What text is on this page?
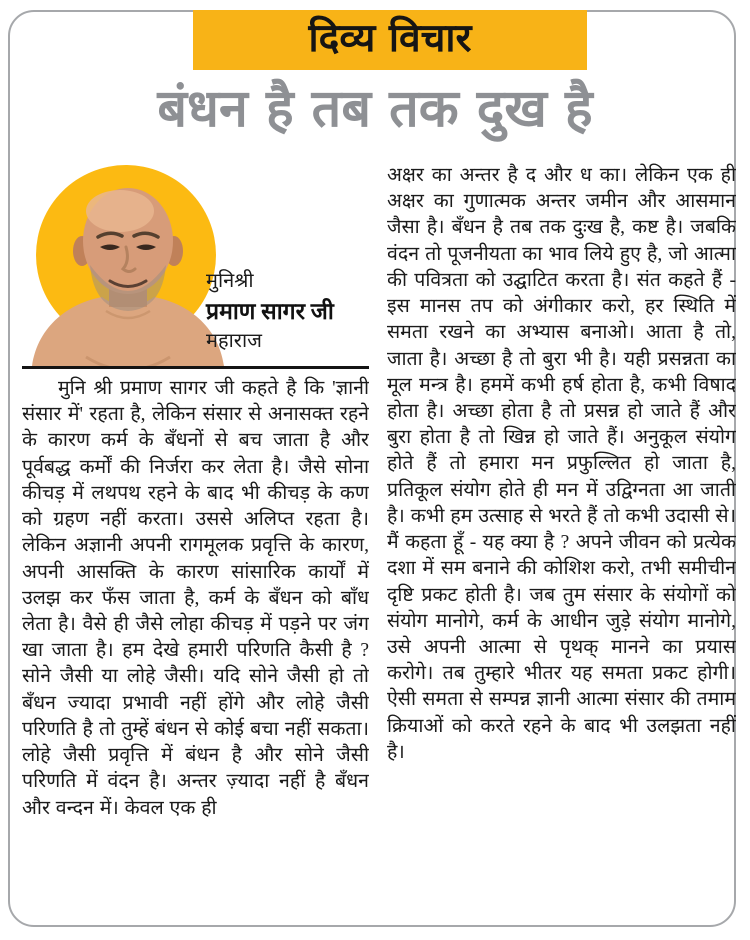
दिव्य विचार
बंधन है तब तक दुख है
मुनिश्री
प्रमाण सागर जी
महाराज

मुनि श्री प्रमाण सागर जी कहते है कि 'ज्ञानी संसार में' रहता है, लेकिन संसार से अनासक्त रहने के कारण कर्म के बँधनों से बच जाता है और पूर्वबद्ध कर्मों की निर्जरा कर लेता है। जैसे सोना कीचड़ में लथपथ रहने के बाद भी कीचड़ के कण को ग्रहण नहीं करता। उससे अलिप्त रहता है। लेकिन अज्ञानी अपनी रागमूलक प्रवृत्ति के कारण, अपनी आसक्ति के कारण सांसारिक कार्यों में उलझ कर फँस जाता है, कर्म के बँधन को बाँध लेता है। वैसे ही जैसे लोहा कीचड़ में पड़ने पर जंग खा जाता है। हम देखे हमारी परिणति कैसी है ? सोने जैसी या लोहे जैसी। यदि सोने जैसी हो तो बँधन ज्यादा प्रभावी नहीं होंगे और लोहे जैसी परिणति है तो तुम्हें बंधन से कोई बचा नहीं सकता। लोहे जैसी प्रवृत्ति में बंधन है और सोने जैसी परिणति में वंदन है। अन्तर ज़्यादा नहीं है बँधन और वन्दन में। केवल एक ही

अक्षर का अन्तर है द और ध का। लेकिन एक ही अक्षर का गुणात्मक अन्तर जमीन और आसमान जैसा है। बँधन है तब तक दुःख है, कष्ट है। जबकि वंदन तो पूजनीयता का भाव लिये हुए है, जो आत्मा की पवित्रता को उद्घाटित करता है। संत कहते हैं - इस मानस तप को अंगीकार करो, हर स्थिति में समता रखने का अभ्यास बनाओ। आता है तो, जाता है। अच्छा है तो बुरा भी है। यही प्रसन्नता का मूल मन्त्र है। हममें कभी हर्ष होता है, कभी विषाद होता है। अच्छा होता है तो प्रसन्न हो जाते हैं और बुरा होता है तो खिन्न हो जाते हैं। अनुकूल संयोग होते हैं तो हमारा मन प्रफुल्लित हो जाता है, प्रतिकूल संयोग होते ही मन में उद्विग्नता आ जाती है। कभी हम उत्साह से भरते हैं तो कभी उदासी से। मैं कहता हूँ - यह क्या है ? अपने जीवन को प्रत्येक दशा में सम बनाने की कोशिश करो, तभी समीचीन दृष्टि प्रकट होती है। जब तुम संसार के संयोगों को संयोग मानोगे, कर्म के आधीन जुड़े संयोग मानोगे, उसे अपनी आत्मा से पृथक् मानने का प्रयास करोगे। तब तुम्हारे भीतर यह समता प्रकट होगी। ऐसी समता से सम्पन्न ज्ञानी आत्मा संसार की तमाम क्रियाओं को करते रहने के बाद भी उलझता नहीं है।
